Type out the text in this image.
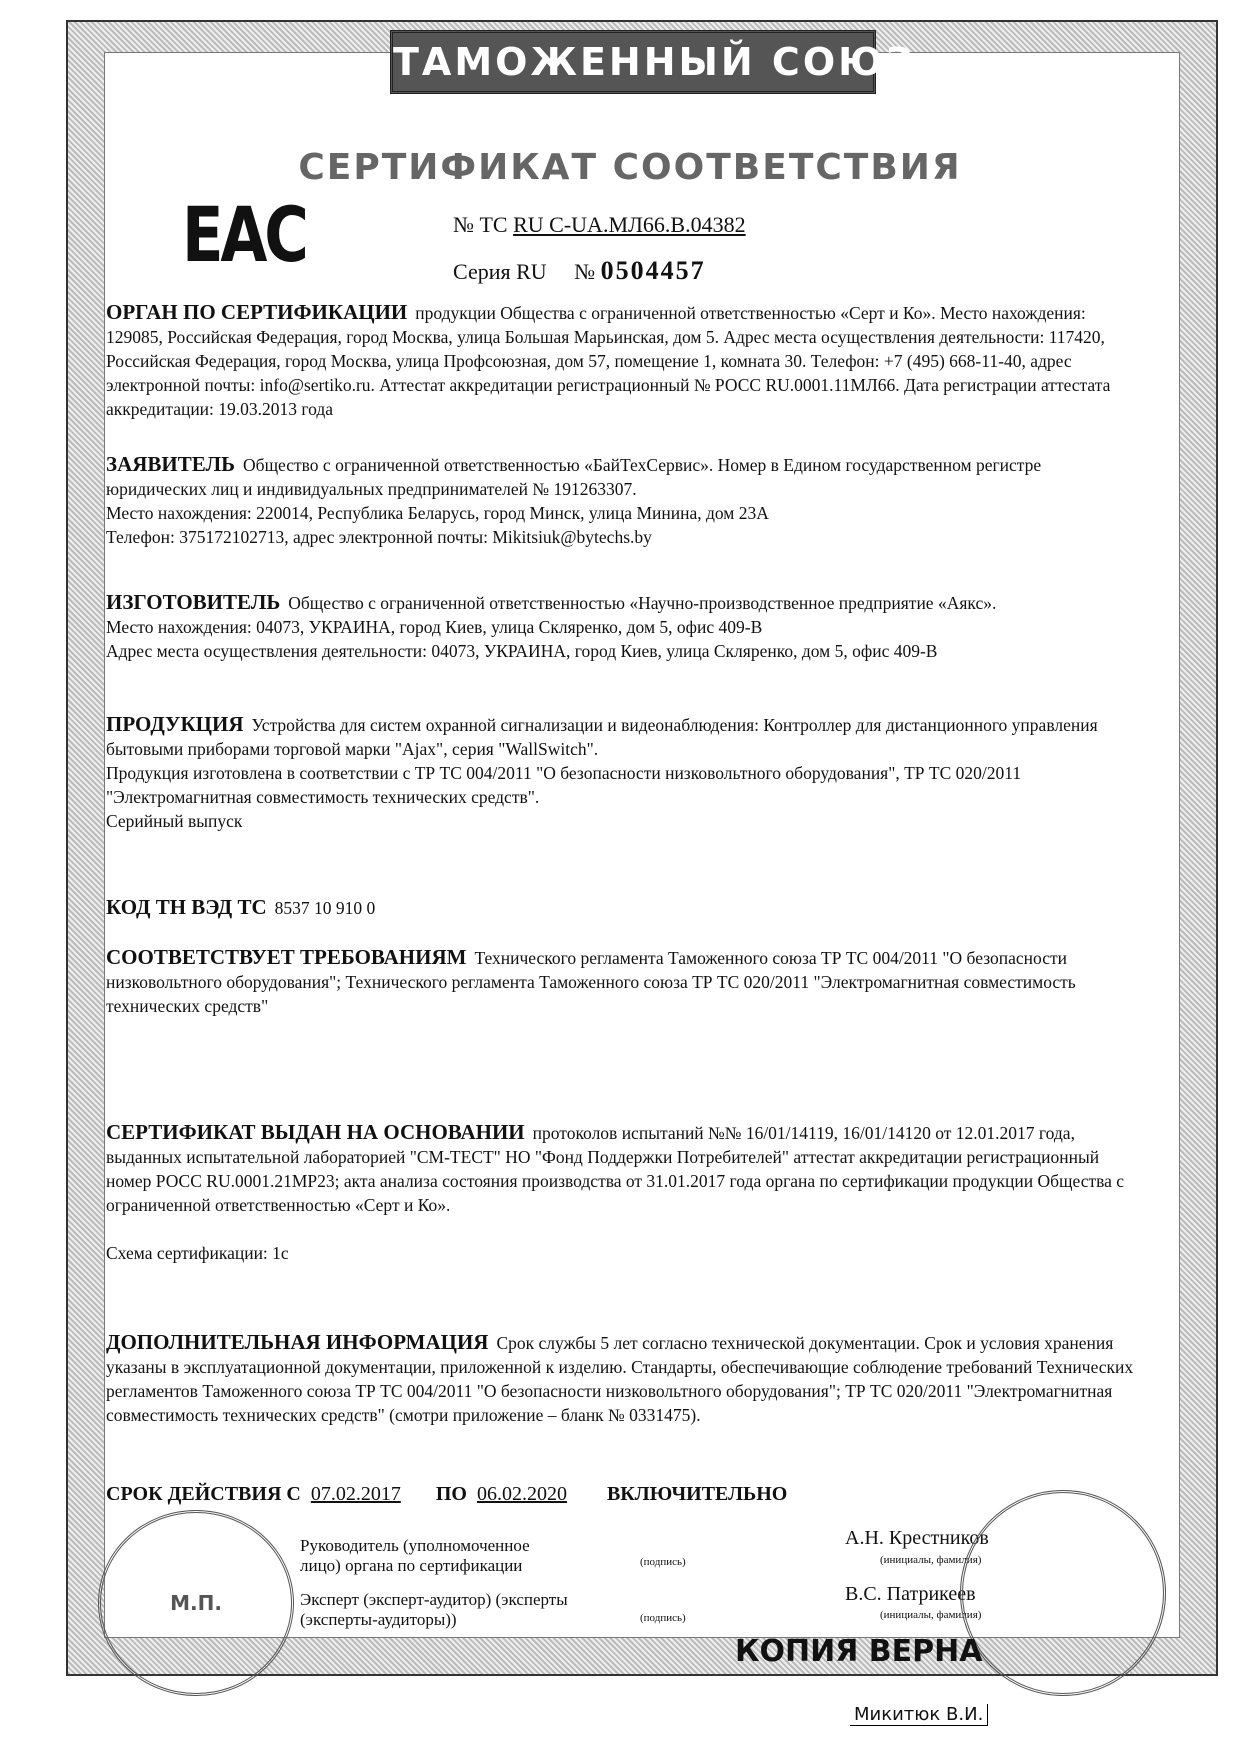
ТАМОЖЕННЫЙ СОЮЗ
СЕРТИФИКАТ СООТВЕТСТВИЯ
EAC	№ ТС RU C-UA.МЛ66.В.04382
Серия RU № 0504457
ОРГАН ПО СЕРТИФИКАЦИИ продукции Общества с ограниченной ответственностью «Серт и Ко». Место нахождения: 129085, Российская Федерация, город Москва, улица Большая Марьинская, дом 5. Адрес места осуществления деятельности: 117420, Российская Федерация, город Москва, улица Профсоюзная, дом 57, помещение 1, комната 30. Телефон: +7 (495) 668-11-40, адрес электронной почты: info@sertiko.ru. Аттестат аккредитации регистрационный № РОСС RU.0001.11МЛ66. Дата регистрации аттестата аккредитации: 19.03.2013 года
ЗАЯВИТЕЛЬ Общество с ограниченной ответственностью «БайТехСервис». Номер в Едином государственном регистре юридических лиц и индивидуальных предпринимателей № 191263307.
Место нахождения: 220014, Республика Беларусь, город Минск, улица Минина, дом 23А
Телефон: 375172102713, адрес электронной почты: Mikitsiuk@bytechs.by
ИЗГОТОВИТЕЛЬ Общество с ограниченной ответственностью «Научно-производственное предприятие «Аякс».
Место нахождения: 04073, УКРАИНА, город Киев, улица Скляренко, дом 5, офис 409-В
Адрес места осуществления деятельности: 04073, УКРАИНА, город Киев, улица Скляренко, дом 5, офис 409-В
ПРОДУКЦИЯ Устройства для систем охранной сигнализации и видеонаблюдения: Контроллер для дистанционного управления бытовыми приборами торговой марки "Ajax", серия "WallSwitch".
Продукция изготовлена в соответствии с ТР ТС 004/2011 "О безопасности низковольтного оборудования", ТР ТС 020/2011 "Электромагнитная совместимость технических средств".
Серийный выпуск
КОД ТН ВЭД ТС 8537 10 910 0
СООТВЕТСТВУЕТ ТРЕБОВАНИЯМ Технического регламента Таможенного союза ТР ТС 004/2011 "О безопасности низковольтного оборудования"; Технического регламента Таможенного союза ТР ТС 020/2011 "Электромагнитная совместимость технических средств"
СЕРТИФИКАТ ВЫДАН НА ОСНОВАНИИ протоколов испытаний №№ 16/01/14119, 16/01/14120 от 12.01.2017 года, выданных испытательной лабораторией "СМ-ТЕСТ" НО "Фонд Поддержки Потребителей" аттестат аккредитации регистрационный номер РОСС RU.0001.21МР23; акта анализа состояния производства от 31.01.2017 года органа по сертификации продукции Общества с ограниченной ответственностью «Серт и Ко».

Схема сертификации: 1с
ДОПОЛНИТЕЛЬНАЯ ИНФОРМАЦИЯ Срок службы 5 лет согласно технической документации. Срок и условия хранения указаны в эксплуатационной документации, приложенной к изделию. Стандарты, обеспечивающие соблюдение требований Технических регламентов Таможенного союза ТР ТС 004/2011 "О безопасности низковольтного оборудования"; ТР ТС 020/2011 "Электромагнитная совместимость технических средств" (смотри приложение – бланк № 0331475).
СРОК ДЕЙСТВИЯ С 07.02.2017 ПО 06.02.2020 ВКЛЮЧИТЕЛЬНО
М.П.
Руководитель (уполномоченное лицо) органа по сертификации	(подпись)
А.Н. Крестников
(инициалы, фамилия)
Эксперт (эксперт-аудитор) (эксперты (эксперты-аудиторы))	(подпись)
В.С. Патрикеев
(инициалы, фамилия)
КОПИЯ ВЕРНА
Микитюк В.И.
